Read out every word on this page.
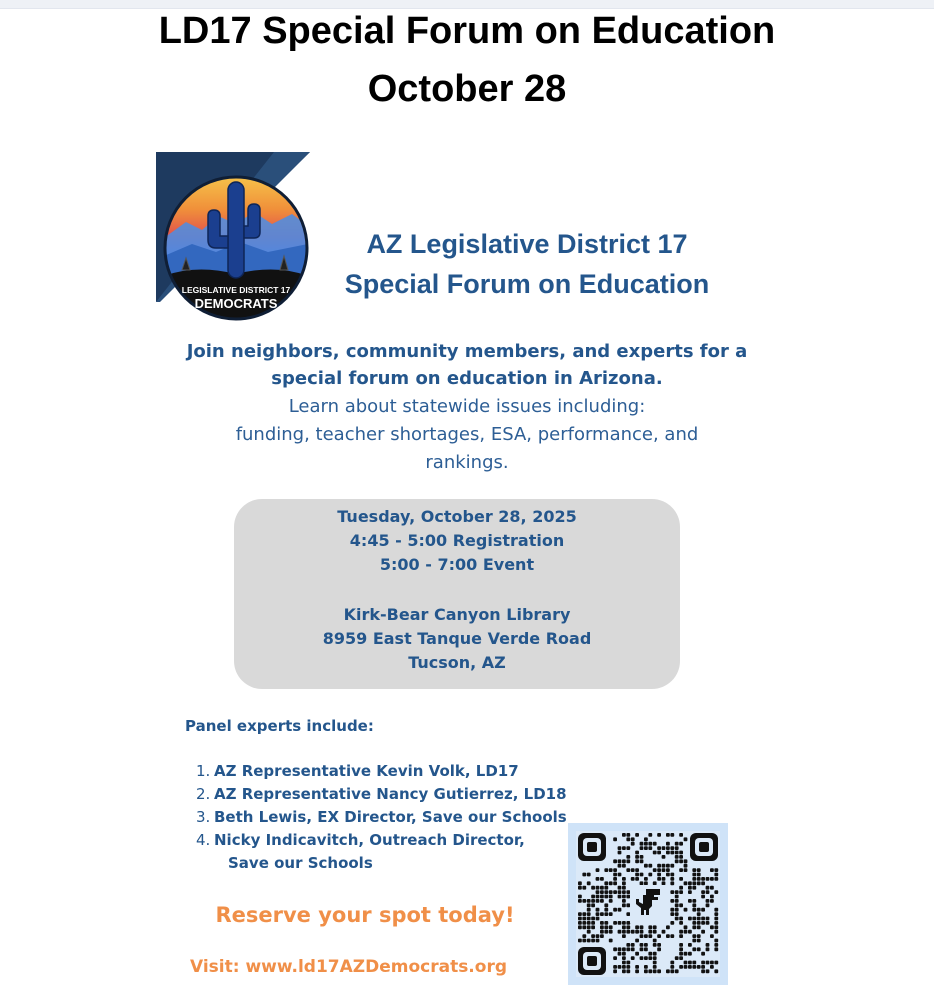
LD17 Special Forum on Education
October 28
LEGISLATIVE DISTRICT 17
DEMOCRATS
AZ Legislative District 17
Special Forum on Education
Join neighbors, community members, and experts for a
special forum on education in Arizona.
Learn about statewide issues including:
funding, teacher shortages, ESA, performance, and
rankings.
Tuesday, October 28, 2025
4:45 - 5:00 Registration
5:00 - 7:00 Event
Kirk-Bear Canyon Library
8959 East Tanque Verde Road
Tucson, AZ
Panel experts include:
1. AZ Representative Kevin Volk, LD17
2. AZ Representative Nancy Gutierrez, LD18
3. Beth Lewis, EX Director, Save our Schools
4. Nicky Indicavitch, Outreach Director,
Save our Schools
Reserve your spot today!
Visit: www.ld17AZDemocrats.org
